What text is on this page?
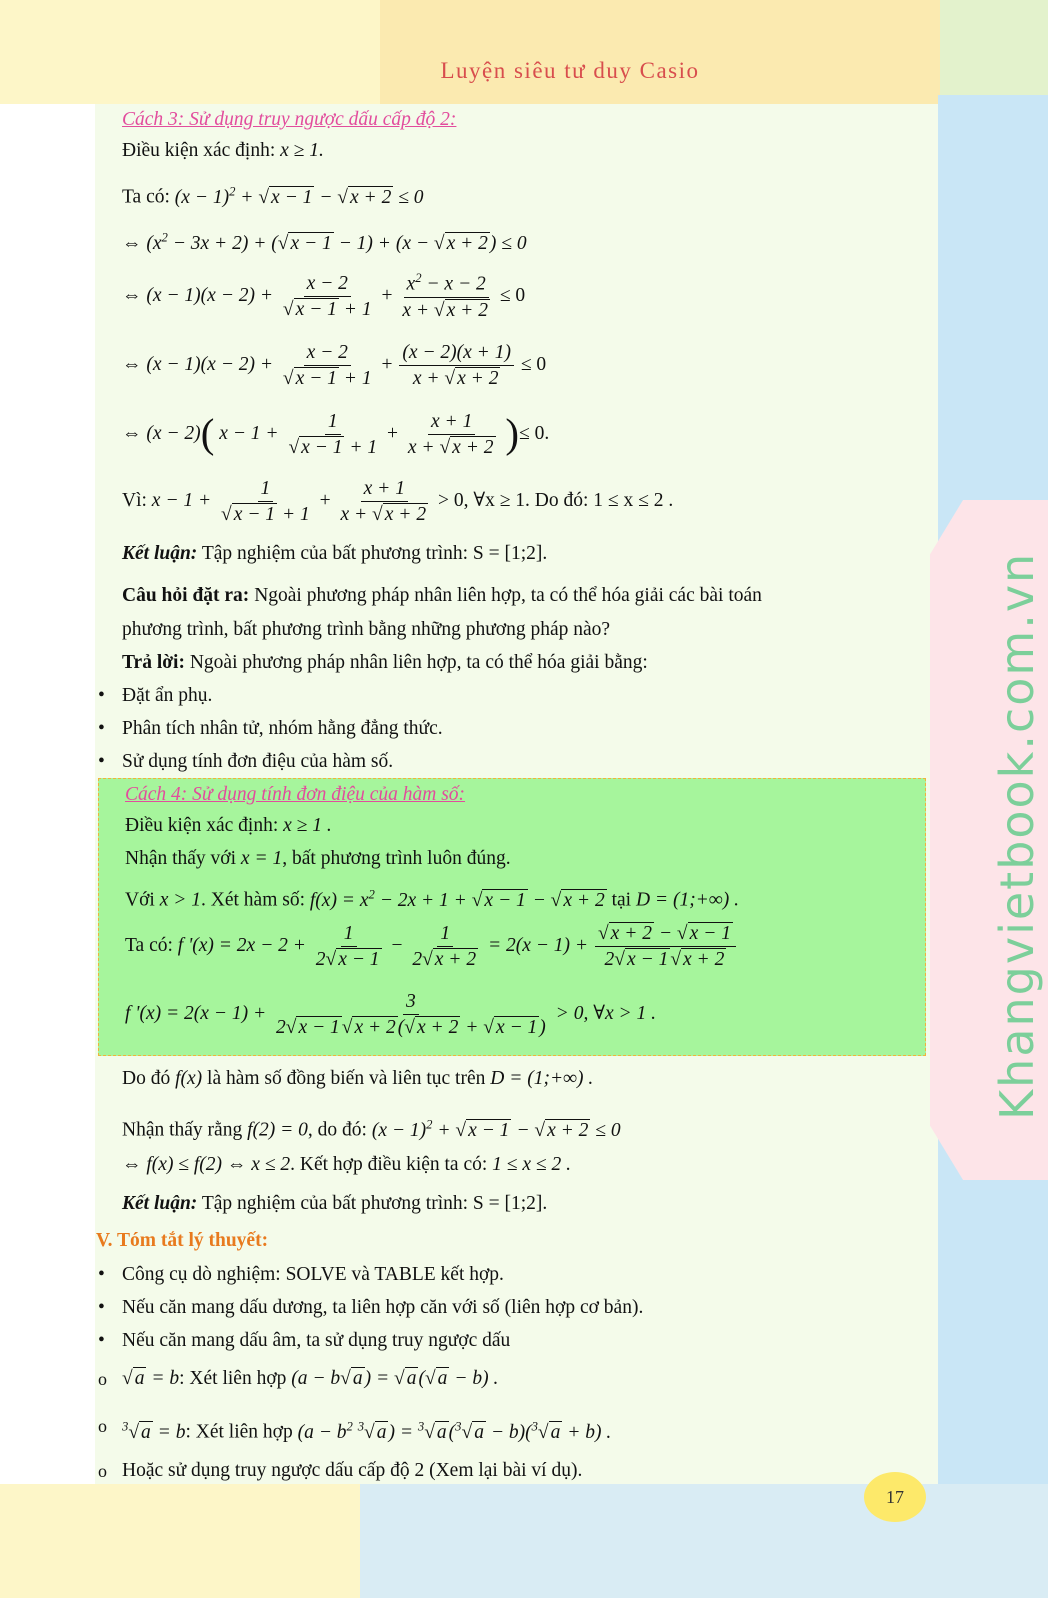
Khangvietbook.com.vn
Luyện siêu tư duy Casio
Cách 3: Sử dụng truy ngược dấu cấp độ 2:
Điều kiện xác định: x ≥ 1.
Ta có: $(x - 1)^2$ + √ x − 1 − √ x + 2 ≤ 0
⇔ $(x^2 - 3x + 2)$ + (√ x − 1 − 1) + (x − √ x + 2 ) ≤ 0
⇔ $(x - 1)(x - 2) + \frac{x - 2}{√ x - 1 + 1} + \frac{x^2 - x - 2}{x + √ x + 2} \le 0$
⇔ $(x - 1)(x - 2) + \frac{x - 2}{√ x - 1 + 1} + \frac{(x - 2)(x + 1)}{x + √ x + 2} \le 0$
⇔ (x − 2)( $x - 1 + \frac{1}{√ x - 1 + 1} + \frac{x + 1}{x + √ x + 2}$ )≤ 0.
Vì: $x - 1 + \frac{1}{√ x - 1 + 1} + \frac{x + 1}{x + √ x + 2} > 0$, ∀x ≥ 1. Do đó: 1 ≤ x ≤ 2 .
Kết luận: Tập nghiệm của bất phương trình: S = [1;2].
Câu hỏi đặt ra: Ngoài phương pháp nhân liên hợp, ta có thể hóa giải các bài toán
phương trình, bất phương trình bằng những phương pháp nào?
Trả lời: Ngoài phương pháp nhân liên hợp, ta có thể hóa giải bằng:
• Đặt ẩn phụ.
• Phân tích nhân tử, nhóm hằng đẳng thức.
• Sử dụng tính đơn điệu của hàm số.
Cách 4: Sử dụng tính đơn điệu của hàm số:
Điều kiện xác định: x ≥ 1 .
Nhận thấy với x = 1, bất phương trình luôn đúng.
Với x > 1. Xét hàm số: $f(x) = x^2 - 2x + 1$ + √ x − 1 − √ x + 2 tại D = (1;+∞) .
Ta có: f '$(x) = 2x - 2 + \frac{1}{2√ x - 1} - \frac{1}{2√ x + 2} = 2(x - 1) + \frac{√ x + 2 - √ x - 1}{2√ x - 1 √ x + 2}$
f '$(x) = 2(x - 1) + \frac{3}{2√ x - 1 √ x + 2 (√ x + 2 + √ x - 1 )} > 0$, ∀x > 1 .
Do đó f(x) là hàm số đồng biến và liên tục trên D = (1;+∞) .
Nhận thấy rằng f(2) = 0, do đó: $(x - 1)^2$ + √ x − 1 − √ x + 2 ≤ 0
⇔ f(x) ≤ f(2) ⇔ x ≤ 2. Kết hợp điều kiện ta có: 1 ≤ x ≤ 2 .
Kết luận: Tập nghiệm của bất phương trình: S = [1;2].
V. Tóm tắt lý thuyết:
• Công cụ dò nghiệm: SOLVE và TABLE kết hợp.
• Nếu căn mang dấu dương, ta liên hợp căn với số (liên hợp cơ bản).
• Nếu căn mang dấu âm, ta sử dụng truy ngược dấu
o √ a = b: Xét liên hợp (a − b√ a ) = √ a (√ a − b) .
o $^3$√ a = b: Xét liên hợp ($a - b^2$ $^3$√ a ) = $^3$√ a ($^3$√ a − b)($^3$√ a + b) .
o Hoặc sử dụng truy ngược dấu cấp độ 2 (Xem lại bài ví dụ).
17
